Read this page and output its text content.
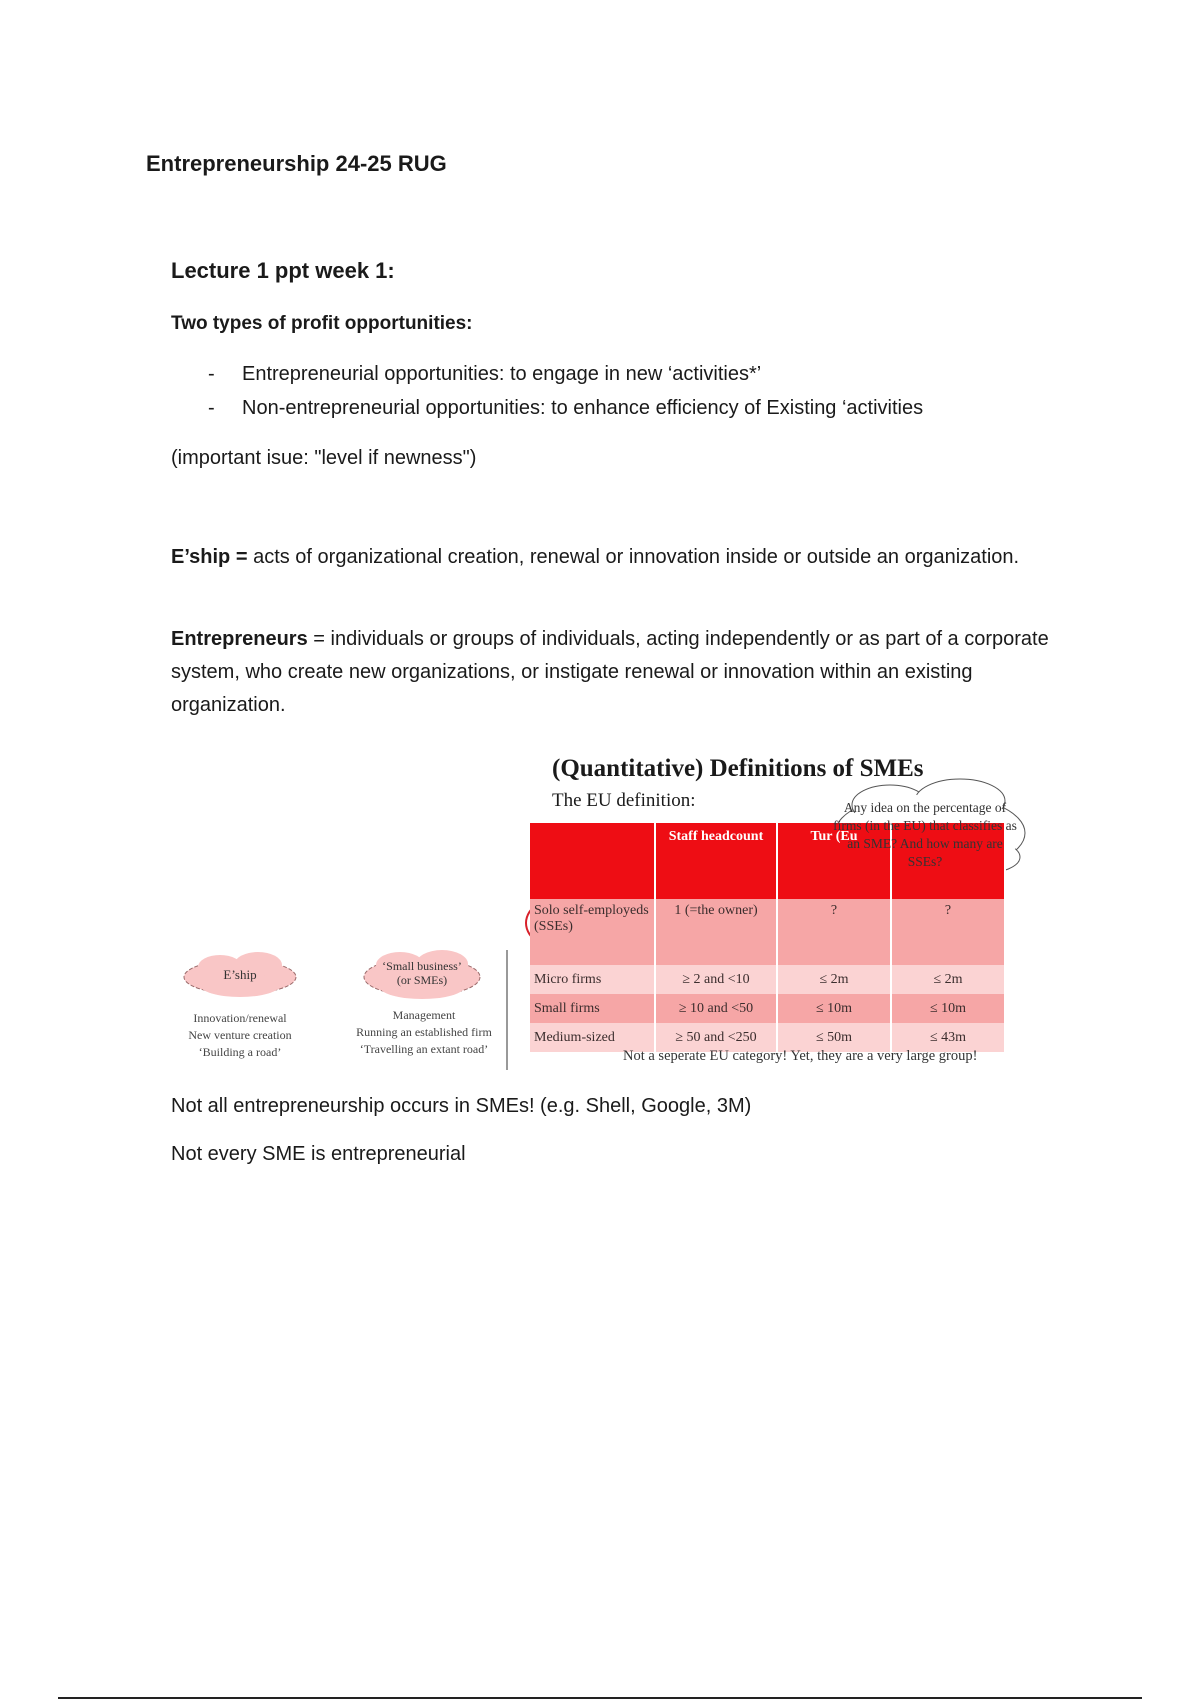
Entrepreneurship 24-25 RUG
Lecture 1 ppt week 1:
Two types of profit opportunities:
- Entrepreneurial opportunities: to engage in new ‘activities*’
- Non-entrepreneurial opportunities: to enhance efficiency of Existing ‘activities
(important isue: "level if newness")
E’ship = acts of organizational creation, renewal or innovation inside or outside an organization.
Entrepreneurs = individuals or groups of individuals, acting independently or as part of a corporate system, who create new organizations, or instigate renewal or innovation within an existing organization.
(Quantitative) Definitions of SMEs
The EU definition:
	Staff headcount	Tur (Eu	
Solo self-employeds (SSEs)	1 (=the owner)	?	?
Micro firms	≥ 2 and <10	≤ 2m	≤ 2m
Small firms	≥ 10 and <50	≤ 10m	≤ 10m
Medium-sized	≥ 50 and <250	≤ 50m	≤ 43m
E’ship
‘Small business’
(or SMEs)
Innovation/renewal
New venture creation
‘Building a road’
Management
Running an established firm
‘Travelling an extant road’
Any idea on the percentage of firms (in the EU) that classifies as an SME? And how many are SSEs?
Not a seperate EU category! Yet, they are a very large group!
Not all entrepreneurship occurs in SMEs! (e.g. Shell, Google, 3M)
Not every SME is entrepreneurial
